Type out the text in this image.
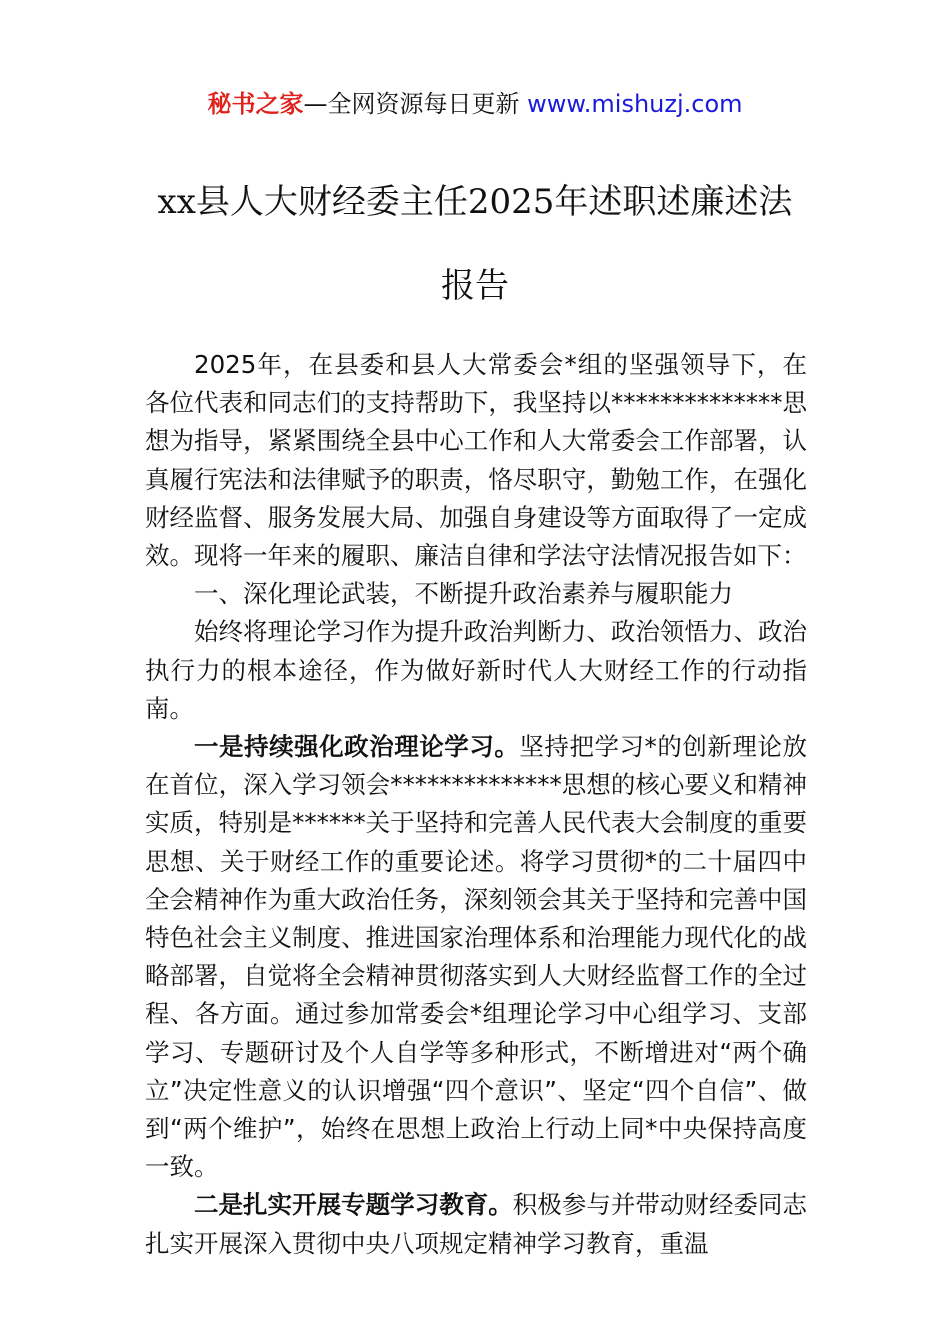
秘书之家—全网资源每日更新 www.mishuzj.com
xx县人大财经委主任2025年述职述廉述法
报告

2025年，在县委和县人大常委会*组的坚强领导下，在各位代表和同志们的支持帮助下，我坚持以**************思想为指导，紧紧围绕全县中心工作和人大常委会工作部署，认真履行宪法和法律赋予的职责，恪尽职守，勤勉工作，在强化财经监督、服务发展大局、加强自身建设等方面取得了一定成效。现将一年来的履职、廉洁自律和学法守法情况报告如下：

一、深化理论武装，不断提升政治素养与履职能力

始终将理论学习作为提升政治判断力、政治领悟力、政治执行力的根本途径，作为做好新时代人大财经工作的行动指南。

一是持续强化政治理论学习。坚持把学习*的创新理论放在首位，深入学习领会**************思想的核心要义和精神实质，特别是******关于坚持和完善人民代表大会制度的重要思想、关于财经工作的重要论述。将学习贯彻*的二十届四中全会精神作为重大政治任务，深刻领会其关于坚持和完善中国特色社会主义制度、推进国家治理体系和治理能力现代化的战略部署，自觉将全会精神贯彻落实到人大财经监督工作的全过程、各方面。通过参加常委会*组理论学习中心组学习、支部学习、专题研讨及个人自学等多种形式，不断增进对“两个确立”决定性意义的认识增强“四个意识”、坚定“四个自信”、做到“两个维护”，始终在思想上政治上行动上同*中央保持高度一致。

二是扎实开展专题学习教育。积极参与并带动财经委同志扎实开展深入贯彻中央八项规定精神学习教育，重温
